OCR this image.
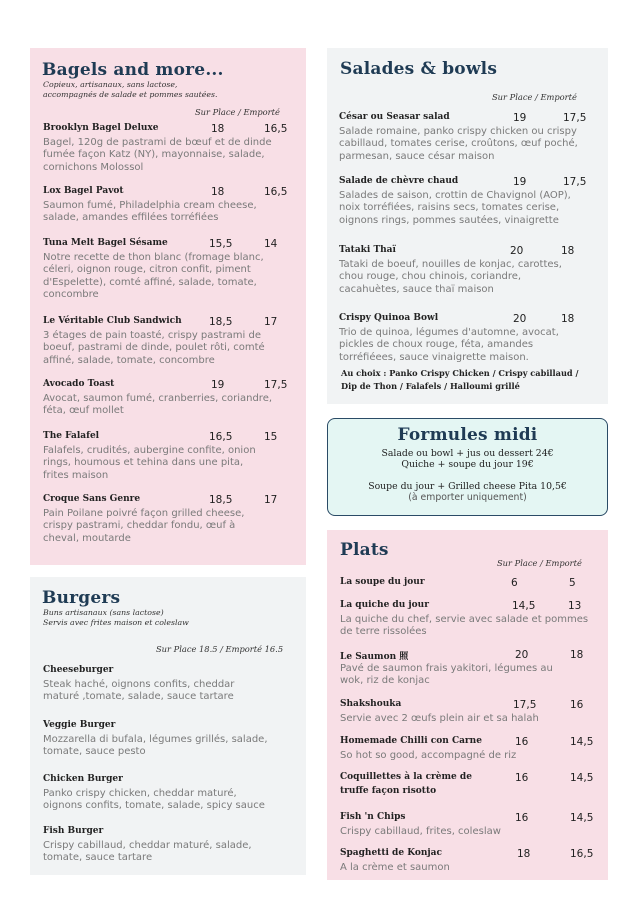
Bagels and more...
Copieux, artisanaux, sans lactose,
accompagnés de salade et pommes sautées.
Sur Place / Emporté
Brooklyn Bagel Deluxe	18	16,5
Bagel, 120g de pastrami de bœuf et de dinde
fumée façon Katz (NY), mayonnaise, salade,
cornichons Molossol
Lox Bagel Pavot	18	16,5
Saumon fumé, Philadelphia cream cheese,
salade, amandes effilées torréfiées
Tuna Melt Bagel Sésame	15,5	14
Notre recette de thon blanc (fromage blanc,
céleri, oignon rouge, citron confit, piment
d'Espelette), comté affiné, salade, tomate,
concombre
Le Véritable Club Sandwich	18,5	17
3 étages de pain toasté, crispy pastrami de
boeuf, pastrami de dinde, poulet rôti, comté
affiné, salade, tomate, concombre
Avocado Toast	19	17,5
Avocat, saumon fumé, cranberries, coriandre,
féta, œuf mollet
The Falafel	16,5	15
Falafels, crudités, aubergine confite, onion
rings, houmous et tehina dans une pita,
frites maison
Croque Sans Genre	18,5	17
Pain Poilane poivré façon grilled cheese,
crispy pastrami, cheddar fondu, œuf à
cheval, moutarde
Burgers
Buns artisanaux (sans lactose)
Servis avec frites maison et coleslaw
Sur Place 18.5 / Emporté 16.5
Cheeseburger
Steak haché, oignons confits, cheddar
maturé ,tomate, salade, sauce tartare
Veggie Burger
Mozzarella di bufala, légumes grillés, salade,
tomate, sauce pesto
Chicken Burger
Panko crispy chicken, cheddar maturé,
oignons confits, tomate, salade, spicy sauce
Fish Burger
Crispy cabillaud, cheddar maturé, salade,
tomate, sauce tartare
Salades & bowls
Sur Place / Emporté
César ou Seasar salad	19	17,5
Salade romaine, panko crispy chicken ou crispy
cabillaud, tomates cerise, croûtons, œuf poché,
parmesan, sauce césar maison
Salade de chèvre chaud	19	17,5
Salades de saison, crottin de Chavignol (AOP),
noix torréfiées, raisins secs, tomates cerise,
oignons rings, pommes sautées, vinaigrette
Tataki Thaï	20	18
Tataki de boeuf, nouilles de konjac, carottes,
chou rouge, chou chinois, coriandre,
cacahuètes, sauce thaï maison
Crispy Quinoa Bowl	20	18
Trio de quinoa, légumes d'automne, avocat,
pickles de choux rouge, féta, amandes
torréfiéees, sauce vinaigrette maison.
Au choix : Panko Crispy Chicken / Crispy cabillaud /
Dip de Thon / Falafels / Halloumi grillé
Formules midi
Salade ou bowl + jus ou dessert 24€
Quiche + soupe du jour 19€
Soupe du jour + Grilled cheese Pita 10,5€
(à emporter uniquement)
Plats
Sur Place / Emporté
La soupe du jour	6	5
La quiche du jour	14,5	13
La quiche du chef, servie avec salade et pommes
de terre rissolées
Le Saumon 照	20	18
Pavé de saumon frais yakitori, légumes au
wok, riz de konjac
Shakshouka	17,5	16
Servie avec 2 œufs plein air et sa halah
Homemade Chilli con Carne	16	14,5
So hot so good, accompagné de riz
Coquillettes à la crème de
truffe façon risotto
16	14,5
Fish 'n Chips	16	14,5
Crispy cabillaud, frites, coleslaw
Spaghetti de Konjac	18	16,5
A la crème et saumon
